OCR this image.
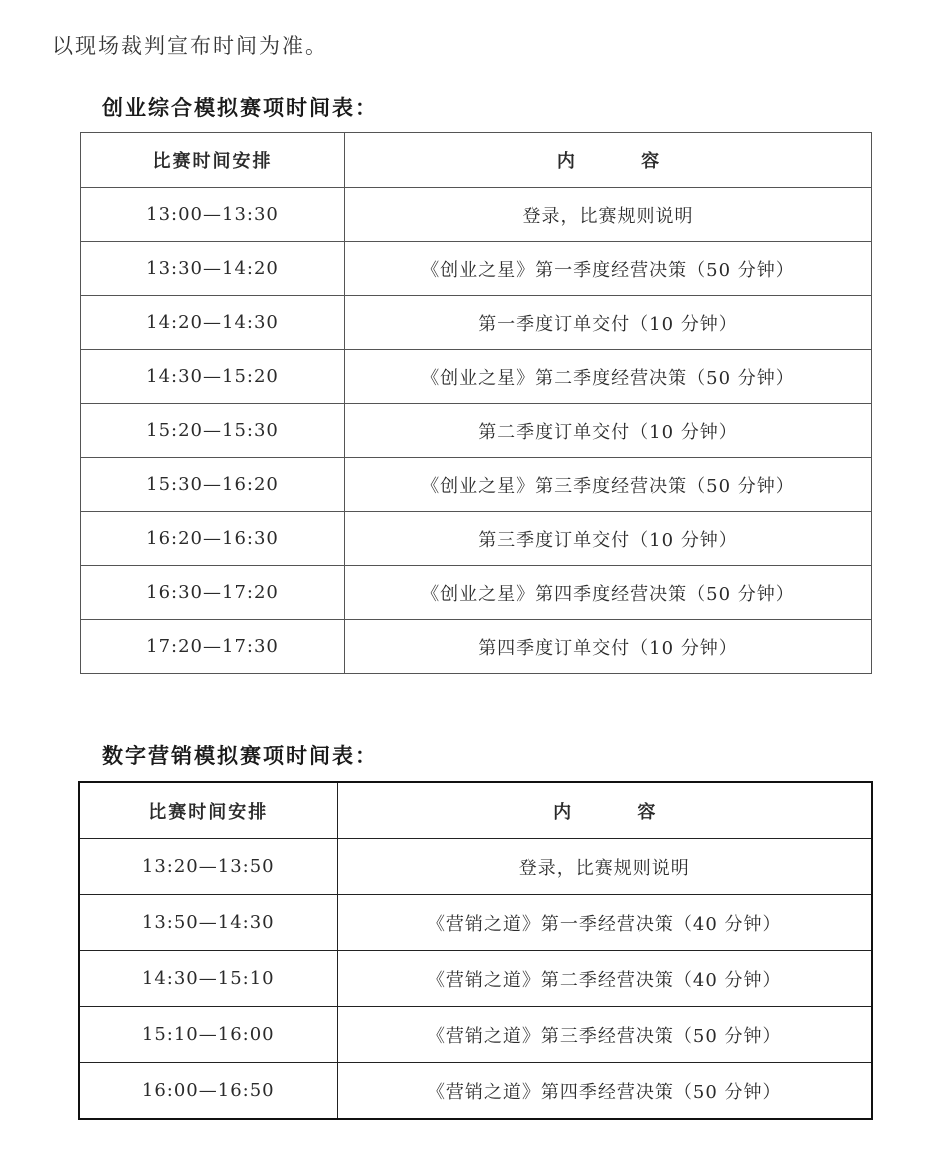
以现场裁判宣布时间为准。
创业综合模拟赛项时间表：
比赛时间安排	内 容
13:00—13:30	登录，比赛规则说明
13:30—14:20	《创业之星》第一季度经营决策（50 分钟）
14:20—14:30	第一季度订单交付（10 分钟）
14:30—15:20	《创业之星》第二季度经营决策（50 分钟）
15:20—15:30	第二季度订单交付（10 分钟）
15:30—16:20	《创业之星》第三季度经营决策（50 分钟）
16:20—16:30	第三季度订单交付（10 分钟）
16:30—17:20	《创业之星》第四季度经营决策（50 分钟）
17:20—17:30	第四季度订单交付（10 分钟）
数字营销模拟赛项时间表：
比赛时间安排	内 容
13:20—13:50	登录，比赛规则说明
13:50—14:30	《营销之道》第一季经营决策（40 分钟）
14:30—15:10	《营销之道》第二季经营决策（40 分钟）
15:10—16:00	《营销之道》第三季经营决策（50 分钟）
16:00—16:50	《营销之道》第四季经营决策（50 分钟）
